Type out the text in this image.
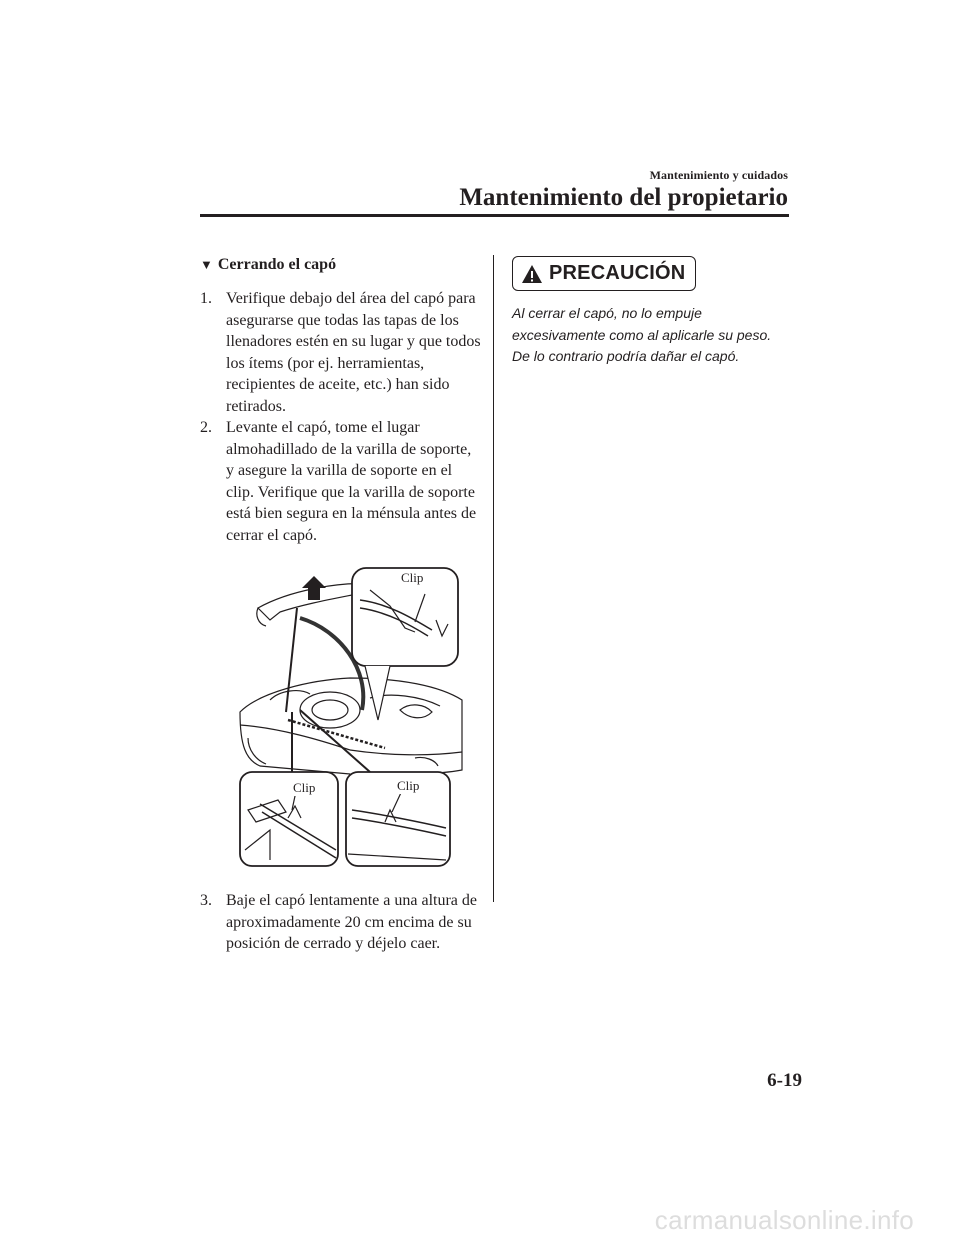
Mantenimiento y cuidados
Mantenimiento del propietario
▼ Cerrando el capó
1. Verifique debajo del área del capó para asegurarse que todas las tapas de los llenadores estén en su lugar y que todos los ítems (por ej. herramientas, recipientes de aceite, etc.) han sido retirados.
2. Levante el capó, tome el lugar almohadillado de la varilla de soporte, y asegure la varilla de soporte en el clip. Verifique que la varilla de soporte está bien segura en la ménsula antes de cerrar el capó.
Clip
Clip	Clip
3. Baje el capó lentamente a una altura de aproximadamente 20 cm encima de su posición de cerrado y déjelo caer.
PRECAUCIÓN
Al cerrar el capó, no lo empuje excesivamente como al aplicarle su peso. De lo contrario podría dañar el capó.
6-19
carmanualsonline.info
